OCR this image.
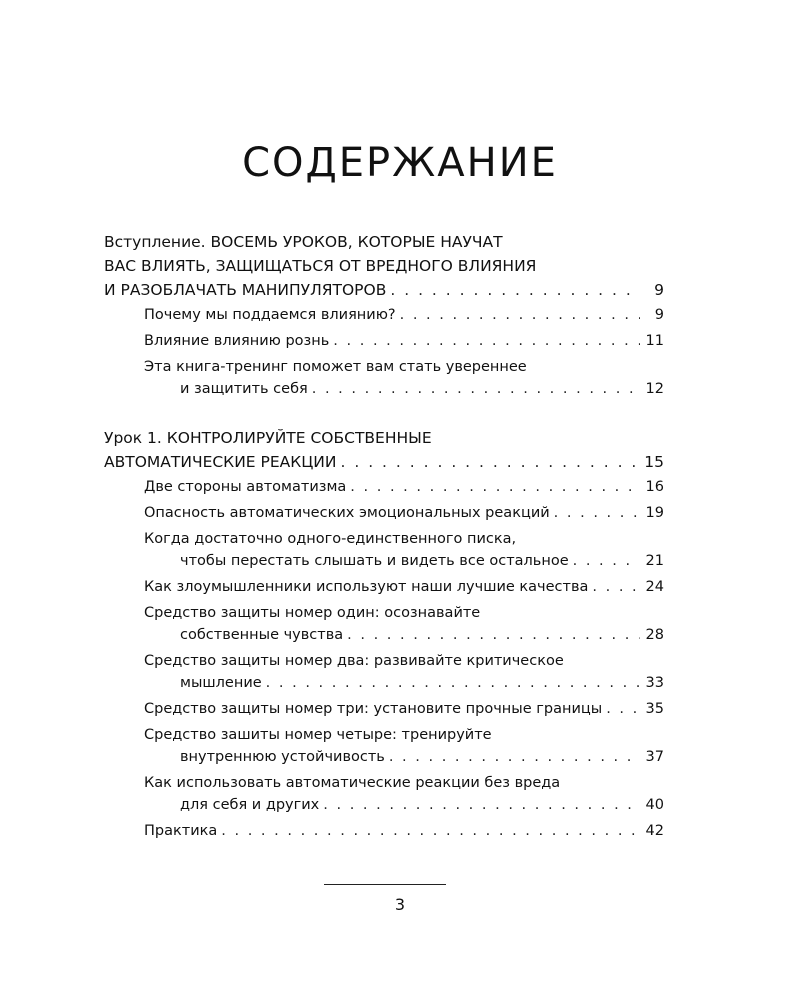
СОДЕРЖАНИЕ
Вступление. ВОСЕМЬ УРОКОВ, КОТОРЫЕ НАУЧАТ
ВАС ВЛИЯТЬ, ЗАЩИЩАТЬСЯ ОТ ВРЕДНОГО ВЛИЯНИЯ
И РАЗОБЛАЧАТЬ МАНИПУЛЯТОРОВ . . .	9
Почему мы поддаемся влиянию? . . .	9
Влияние влиянию рознь . . .	11
Эта книга-тренинг поможет вам стать увереннее
и защитить себя . . .	12
Урок 1. КОНТРОЛИРУЙТЕ СОБСТВЕННЫЕ
АВТОМАТИЧЕСКИЕ РЕАКЦИИ . . .	15
Две стороны автоматизма . . .	16
Опасность автоматических эмоциональных реакций . . .	19
Когда достаточно одного-единственного писка,
чтобы перестать слышать и видеть все остальное . . .	21
Как злоумышленники используют наши лучшие качества . . .	24
Средство защиты номер один: осознавайте
собственные чувства . . .	28
Средство защиты номер два: развивайте критическое
мышление . . .	33
Средство защиты номер три: установите прочные границы . . .	35
Средство зашиты номер четыре: тренируйте
внутреннюю устойчивость . . .	37
Как использовать автоматические реакции без вреда
для себя и других . . .	40
Практика . . .	42
3
